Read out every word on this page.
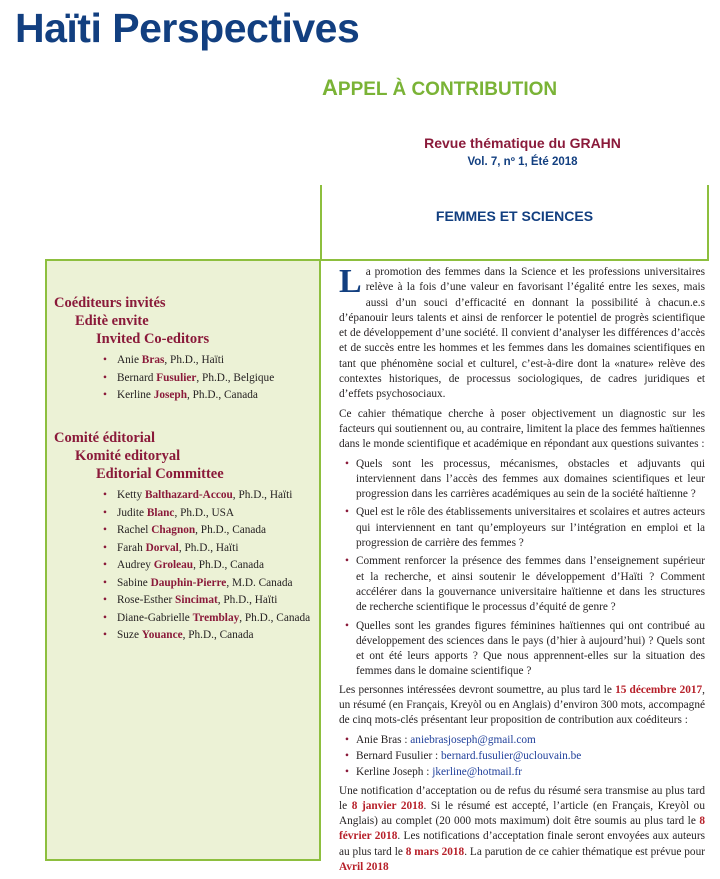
Haïti Perspectives
APPEL À CONTRIBUTION
Revue thématique du GRAHN
Vol. 7, nº 1, Été 2018
FEMMES ET SCIENCES
Coéditeurs invités
Editè envite
Invited Co-editors
• Anie Bras, Ph.D., Haïti
• Bernard Fusulier, Ph.D., Belgique
• Kerline Joseph, Ph.D., Canada
Comité éditorial
Komité editoryal
Editorial Committee
• Ketty Balthazard-Accou, Ph.D., Haïti
• Judite Blanc, Ph.D., USA
• Rachel Chagnon, Ph.D., Canada
• Farah Dorval, Ph.D., Haïti
• Audrey Groleau, Ph.D., Canada
• Sabine Dauphin-Pierre, M.D. Canada
• Rose-Esther Sincimat, Ph.D., Haïti
• Diane-Gabrielle Tremblay, Ph.D., Canada
• Suze Youance, Ph.D., Canada

La promotion des femmes dans la Science et les professions universitaires relève à la fois d’une valeur en favorisant l’égalité entre les sexes, mais aussi d’un souci d’efficacité en donnant la possibilité à chacun.e.s d’épanouir leurs talents et ainsi de renforcer le potentiel de progrès scientifique et de développement d’une société. Il convient d’analyser les différences d’accès et de succès entre les hommes et les femmes dans les domaines scientifiques en tant que phénomène social et culturel, c’est-à-dire dont la «nature» relève des contextes historiques, de processus sociologiques, de cadres juridiques et d’effets psychosociaux.

Ce cahier thématique cherche à poser objectivement un diagnostic sur les facteurs qui soutiennent ou, au contraire, limitent la place des femmes haïtiennes dans le monde scientifique et académique en répondant aux questions suivantes :

• Quels sont les processus, mécanismes, obstacles et adjuvants qui interviennent dans l’accès des femmes aux domaines scientifiques et leur progression dans les carrières académiques au sein de la société haïtienne ?
• Quel est le rôle des établissements universitaires et scolaires et autres acteurs qui interviennent en tant qu’employeurs sur l’intégration en emploi et la progression de carrière des femmes ?
• Comment renforcer la présence des femmes dans l’enseignement supérieur et la recherche, et ainsi soutenir le développement d’Haïti ? Comment accélérer dans la gouvernance universitaire haïtienne et dans les structures de recherche scientifique le processus d’équité de genre ?
• Quelles sont les grandes figures féminines haïtiennes qui ont contribué au développement des sciences dans le pays (d’hier à aujourd’hui) ? Quels sont et ont été leurs apports ? Que nous apprennent-elles sur la situation des femmes dans le domaine scientifique ?

Les personnes intéressées devront soumettre, au plus tard le 15 décembre 2017, un résumé (en Français, Kreyòl ou en Anglais) d’environ 300 mots, accompagné de cinq mots-clés présentant leur proposition de contribution aux coéditeurs :

• Anie Bras : aniebrasjoseph@gmail.com
• Bernard Fusulier : bernard.fusulier@uclouvain.be
• Kerline Joseph : jkerline@hotmail.fr

Une notification d’acceptation ou de refus du résumé sera transmise au plus tard le 8 janvier 2018. Si le résumé est accepté, l’article (en Français, Kreyòl ou Anglais) au complet (20 000 mots maximum) doit être soumis au plus tard le 8 février 2018. Les notifications d’acceptation finale seront envoyées aux auteurs au plus tard le 8 mars 2018. La parution de ce cahier thématique est prévue pour Avril 2018
